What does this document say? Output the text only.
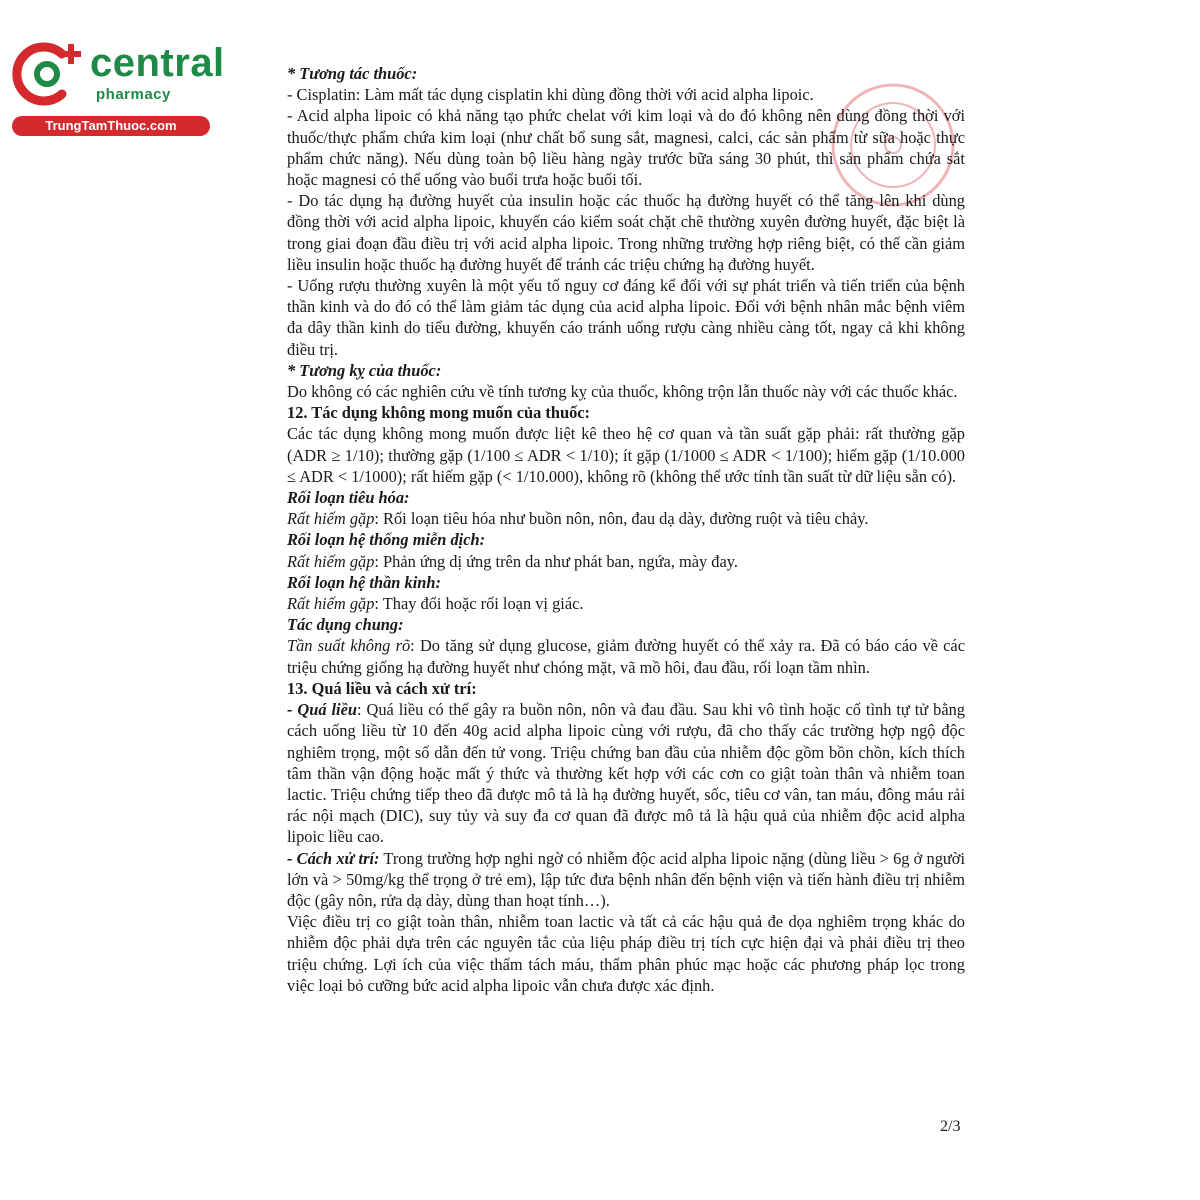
central
pharmacy
TrungTamThuoc.com

* Tương tác thuốc:

- Cisplatin: Làm mất tác dụng cisplatin khi dùng đồng thời với acid alpha lipoic.

- Acid alpha lipoic có khả năng tạo phức chelat với kim loại và do đó không nên dùng đồng thời với thuốc/thực phẩm chứa kim loại (như chất bổ sung sắt, magnesi, calci, các sản phẩm từ sữa hoặc thực phẩm chức năng). Nếu dùng toàn bộ liều hàng ngày trước bữa sáng 30 phút, thì sản phẩm chứa sắt hoặc magnesi có thể uống vào buổi trưa hoặc buổi tối.

- Do tác dụng hạ đường huyết của insulin hoặc các thuốc hạ đường huyết có thể tăng lên khi dùng đồng thời với acid alpha lipoic, khuyến cáo kiểm soát chặt chẽ thường xuyên đường huyết, đặc biệt là trong giai đoạn đầu điều trị với acid alpha lipoic. Trong những trường hợp riêng biệt, có thể cần giảm liều insulin hoặc thuốc hạ đường huyết để tránh các triệu chứng hạ đường huyết.

- Uống rượu thường xuyên là một yếu tố nguy cơ đáng kể đối với sự phát triển và tiến triển của bệnh thần kinh và do đó có thể làm giảm tác dụng của acid alpha lipoic. Đối với bệnh nhân mắc bệnh viêm đa dây thần kinh do tiểu đường, khuyến cáo tránh uống rượu càng nhiều càng tốt, ngay cả khi không điều trị.

* Tương kỵ của thuốc:

Do không có các nghiên cứu về tính tương kỵ của thuốc, không trộn lẫn thuốc này với các thuốc khác.

12. Tác dụng không mong muốn của thuốc:

Các tác dụng không mong muốn được liệt kê theo hệ cơ quan và tần suất gặp phải: rất thường gặp (ADR ≥ 1/10); thường gặp (1/100 ≤ ADR < 1/10); ít gặp (1/1000 ≤ ADR < 1/100); hiếm gặp (1/10.000 ≤ ADR < 1/1000); rất hiếm gặp (< 1/10.000), không rõ (không thể ước tính tần suất từ dữ liệu sẵn có).

Rối loạn tiêu hóa:

Rất hiếm gặp: Rối loạn tiêu hóa như buồn nôn, nôn, đau dạ dày, đường ruột và tiêu chảy.

Rối loạn hệ thống miễn dịch:

Rất hiếm gặp: Phản ứng dị ứng trên da như phát ban, ngứa, mày đay.

Rối loạn hệ thần kinh:

Rất hiếm gặp: Thay đổi hoặc rối loạn vị giác.

Tác dụng chung:

Tần suất không rõ: Do tăng sử dụng glucose, giảm đường huyết có thể xảy ra. Đã có báo cáo về các triệu chứng giống hạ đường huyết như chóng mặt, vã mồ hôi, đau đầu, rối loạn tầm nhìn.

13. Quá liều và cách xử trí:

- Quá liều: Quá liều có thể gây ra buồn nôn, nôn và đau đầu. Sau khi vô tình hoặc cố tình tự tử bằng cách uống liều từ 10 đến 40g acid alpha lipoic cùng với rượu, đã cho thấy các trường hợp ngộ độc nghiêm trọng, một số dẫn đến tử vong. Triệu chứng ban đầu của nhiễm độc gồm bồn chồn, kích thích tâm thần vận động hoặc mất ý thức và thường kết hợp với các cơn co giật toàn thân và nhiễm toan lactic. Triệu chứng tiếp theo đã được mô tả là hạ đường huyết, sốc, tiêu cơ vân, tan máu, đông máu rải rác nội mạch (DIC), suy tủy và suy đa cơ quan đã được mô tả là hậu quả của nhiễm độc acid alpha lipoic liều cao.

- Cách xử trí: Trong trường hợp nghi ngờ có nhiễm độc acid alpha lipoic nặng (dùng liều > 6g ở người lớn và > 50mg/kg thể trọng ở trẻ em), lập tức đưa bệnh nhân đến bệnh viện và tiến hành điều trị nhiễm độc (gây nôn, rửa dạ dày, dùng than hoạt tính…).

Việc điều trị co giật toàn thân, nhiễm toan lactic và tất cả các hậu quả đe dọa nghiêm trọng khác do nhiễm độc phải dựa trên các nguyên tắc của liệu pháp điều trị tích cực hiện đại và phải điều trị theo triệu chứng. Lợi ích của việc thẩm tách máu, thẩm phân phúc mạc hoặc các phương pháp lọc trong việc loại bỏ cưỡng bức acid alpha lipoic vẫn chưa được xác định.

2/3
